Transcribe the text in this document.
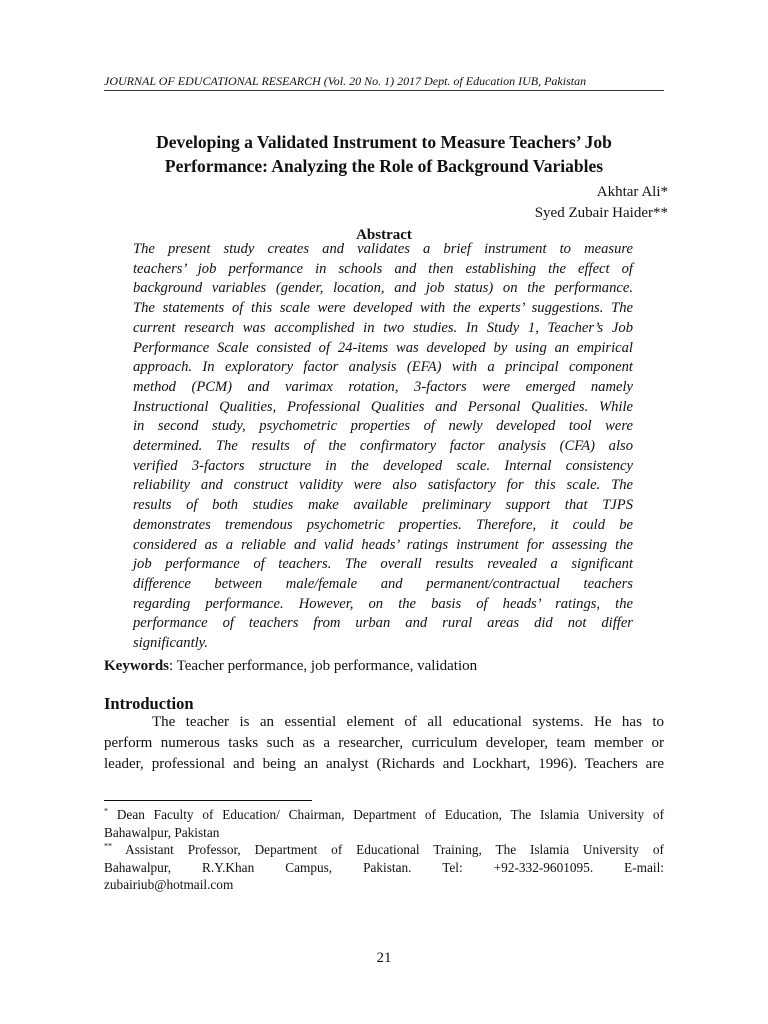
JOURNAL OF EDUCATIONAL RESEARCH (Vol. 20 No. 1) 2017 Dept. of Education IUB, Pakistan
Developing a Validated Instrument to Measure Teachers’ Job
Performance: Analyzing the Role of Background Variables
Akhtar Ali*
Syed Zubair Haider**
Abstract
The present study creates and validates a brief instrument to measure
teachers’ job performance in schools and then establishing the effect of
background variables (gender, location, and job status) on the performance.
The statements of this scale were developed with the experts’ suggestions. The
current research was accomplished in two studies. In Study 1, Teacher’s Job
Performance Scale consisted of 24-items was developed by using an empirical
approach. In exploratory factor analysis (EFA) with a principal component
method (PCM) and varimax rotation, 3-factors were emerged namely
Instructional Qualities, Professional Qualities and Personal Qualities. While
in second study, psychometric properties of newly developed tool were
determined. The results of the confirmatory factor analysis (CFA) also
verified 3-factors structure in the developed scale. Internal consistency
reliability and construct validity were also satisfactory for this scale. The
results of both studies make available preliminary support that TJPS
demonstrates tremendous psychometric properties. Therefore, it could be
considered as a reliable and valid heads’ ratings instrument for assessing the
job performance of teachers. The overall results revealed a significant
difference between male/female and permanent/contractual teachers
regarding performance. However, on the basis of heads’ ratings, the
performance of teachers from urban and rural areas did not differ
significantly.
Keywords: Teacher performance, job performance, validation
Introduction
The teacher is an essential element of all educational systems. He has to
perform numerous tasks such as a researcher, curriculum developer, team member or
leader, professional and being an analyst (Richards and Lockhart, 1996). Teachers are
* Dean Faculty of Education/ Chairman, Department of Education, The Islamia University of
Bahawalpur, Pakistan
** Assistant Professor, Department of Educational Training, The Islamia University of
Bahawalpur, R.Y.Khan Campus, Pakistan. Tel: +92-332-9601095. E-mail:
zubairiub@hotmail.com
21
